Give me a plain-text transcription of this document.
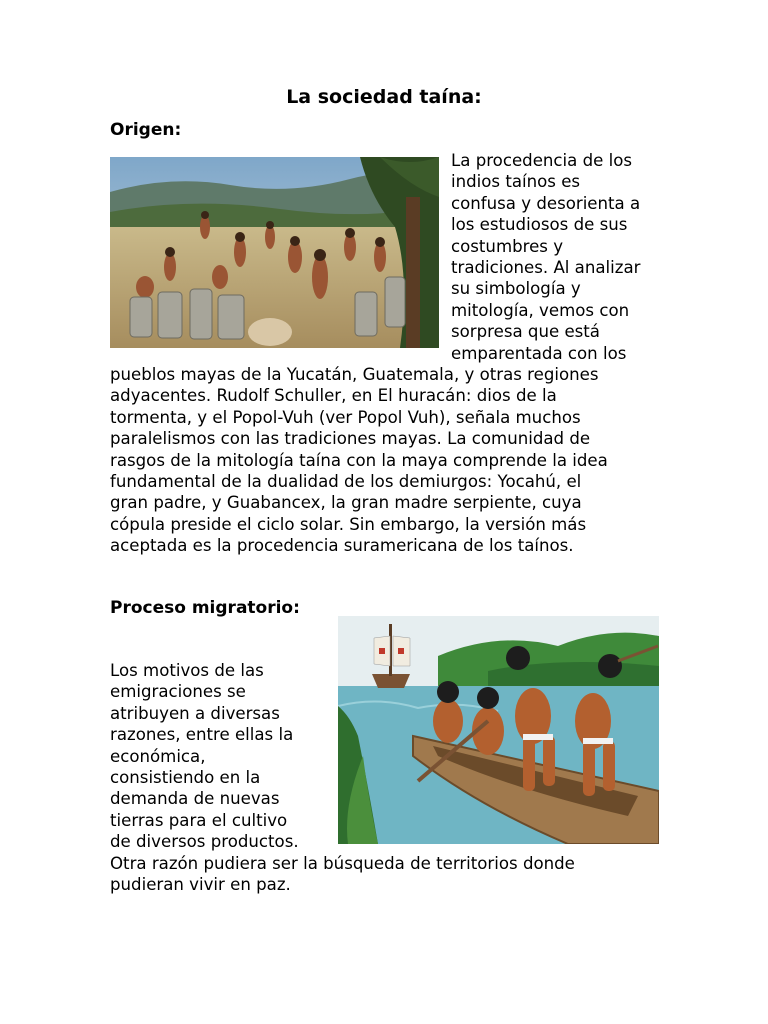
La sociedad taína:
Origen:
La procedencia de los
indios taínos es
confusa y desorienta a
los estudiosos de sus
costumbres y
tradiciones. Al analizar
su simbología y
mitología, vemos con
sorpresa que está
emparentada con los
pueblos mayas de la Yucatán, Guatemala, y otras regiones
adyacentes. Rudolf Schuller, en El huracán: dios de la
tormenta, y el Popol-Vuh (ver Popol Vuh), señala muchos
paralelismos con las tradiciones mayas. La comunidad de
rasgos de la mitología taína con la maya comprende la idea
fundamental de la dualidad de los demiurgos: Yocahú, el
gran padre, y Guabancex, la gran madre serpiente, cuya
cópula preside el ciclo solar. Sin embargo, la versión más
aceptada es la procedencia suramericana de los taínos.
Proceso migratorio:
Los motivos de las
emigraciones se
atribuyen a diversas
razones, entre ellas la
económica,
consistiendo en la
demanda de nuevas
tierras para el cultivo
de diversos productos.
Otra razón pudiera ser la búsqueda de territorios donde
pudieran vivir en paz.
